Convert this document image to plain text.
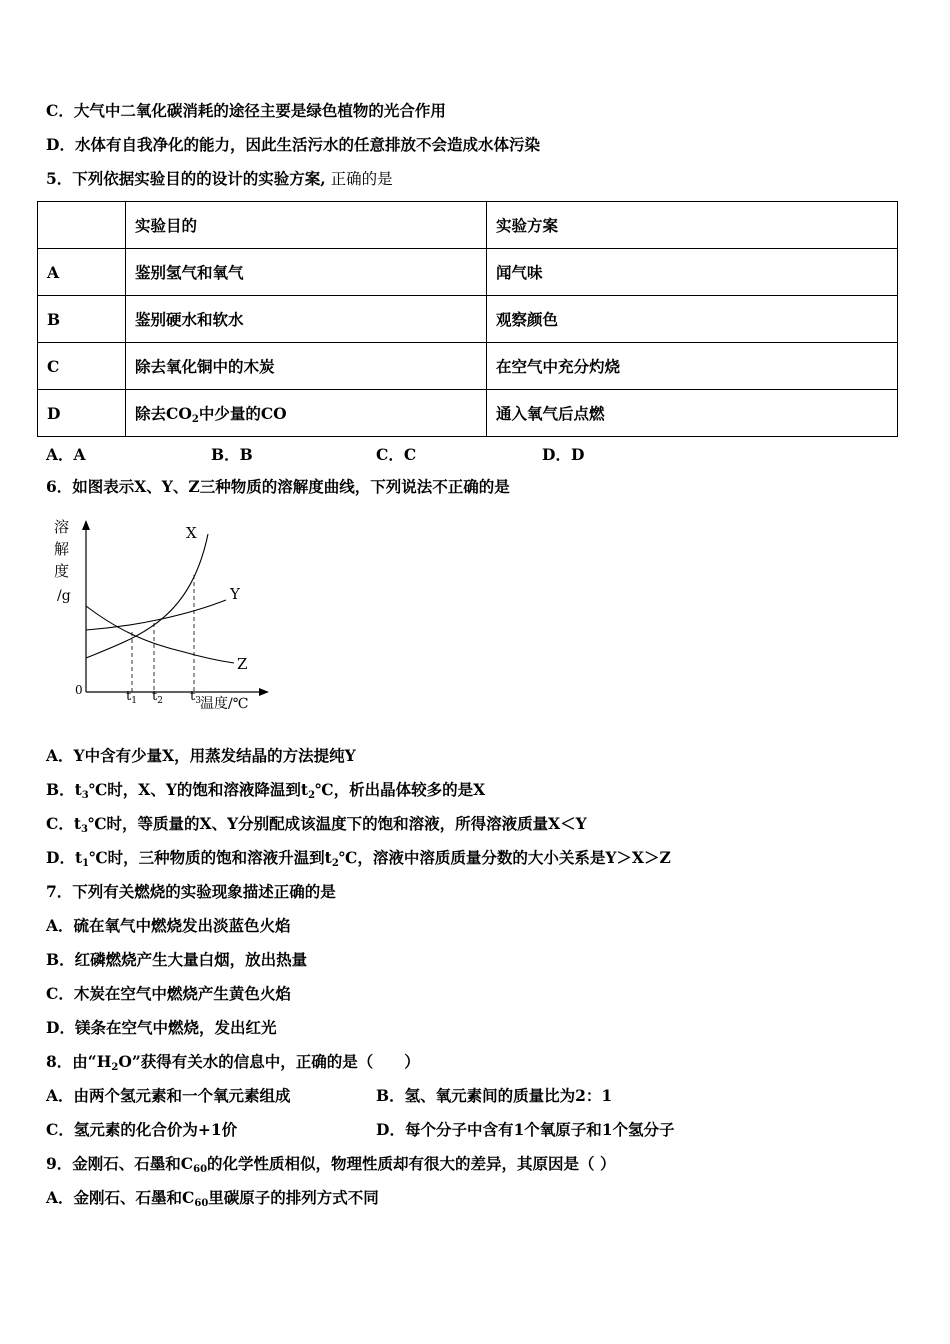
C．大气中二氧化碳消耗的途径主要是绿色植物的光合作用
D．水体有自我净化的能力，因此生活污水的任意排放不会造成水体污染
5．下列依据实验目的的设计的实验方案, 正确的是
	实验目的	实验方案
A	鉴别氢气和氧气	闻气味
B	鉴别硬水和软水	观察颜色
C	除去氧化铜中的木炭	在空气中充分灼烧
D	除去$CO_2$中少量的CO	通入氧气后点燃
A．A	B．B	C．C	D．D
6．如图表示X、Y、Z三种物质的溶解度曲线，下列说法不正确的是
溶
解
度
/g
0
X
Y
Z
$t_1$ $t_2$ $t_3$ 温度/℃
A．Y中含有少量X，用蒸发结晶的方法提纯Y
B．$t_3℃$时，X、Y的饱和溶液降温到$t_2℃$，析出晶体较多的是X
C．$t_3℃$时，等质量的X、Y分别配成该温度下的饱和溶液，所得溶液质量X＜Y
D．$t_1℃$时，三种物质的饱和溶液升温到$t_2℃$，溶液中溶质质量分数的大小关系是Y＞X＞Z
7．下列有关燃烧的实验现象描述正确的是
A．硫在氧气中燃烧发出淡蓝色火焰
B．红磷燃烧产生大量白烟，放出热量
C．木炭在空气中燃烧产生黄色火焰
D．镁条在空气中燃烧，发出红光
8．由“$H_2O$”获得有关水的信息中，正确的是（　　）
A．由两个氢元素和一个氧元素组成	B．氢、氧元素间的质量比为2：1
C．氢元素的化合价为+1价	D．每个分子中含有1个氧原子和1个氢分子
9．金刚石、石墨和$C_{60}$的化学性质相似，物理性质却有很大的差异，其原因是（ ）
A．金刚石、石墨和$C_{60}$里碳原子的排列方式不同
